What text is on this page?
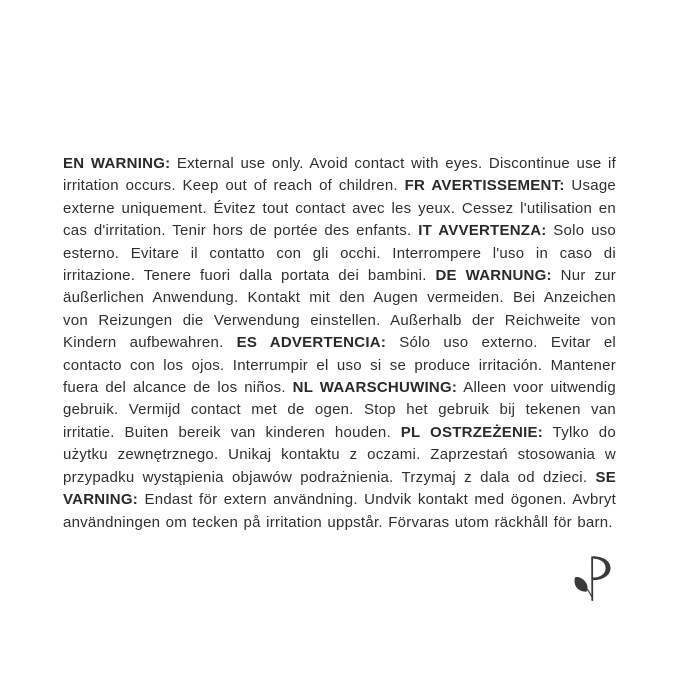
EN WARNING: External use only. Avoid contact with eyes. Discontinue use if irritation occurs. Keep out of reach of children. FR AVERTISSEMENT: Usage externe uniquement. Évitez tout contact avec les yeux. Cessez l'utilisation en cas d'irritation. Tenir hors de portée des enfants. IT AVVERTENZA: Solo uso esterno. Evitare il contatto con gli occhi. Interrompere l'uso in caso di irritazione. Tenere fuori dalla portata dei bambini. DE WARNUNG: Nur zur äußerlichen Anwendung. Kontakt mit den Augen vermeiden. Bei Anzeichen von Reizungen die Verwendung einstellen. Außerhalb der Reichweite von Kindern aufbewahren. ES ADVERTENCIA: Sólo uso externo. Evitar el contacto con los ojos. Interrumpir el uso si se produce irritación. Mantener fuera del alcance de los niños. NL WAARSCHUWING: Alleen voor uitwendig gebruik. Vermijd contact met de ogen. Stop het gebruik bij tekenen van irritatie. Buiten bereik van kinderen houden. PL OSTRZEŻENIE: Tylko do użytku zewnętrznego. Unikaj kontaktu z oczami. Zaprzestań stosowania w przypadku wystąpienia objawów podrażnienia. Trzymaj z dala od dzieci. SE VARNING: Endast för extern användning. Undvik kontakt med ögonen. Avbryt användningen om tecken på irritation uppstår. Förvaras utom räckhåll för barn.
